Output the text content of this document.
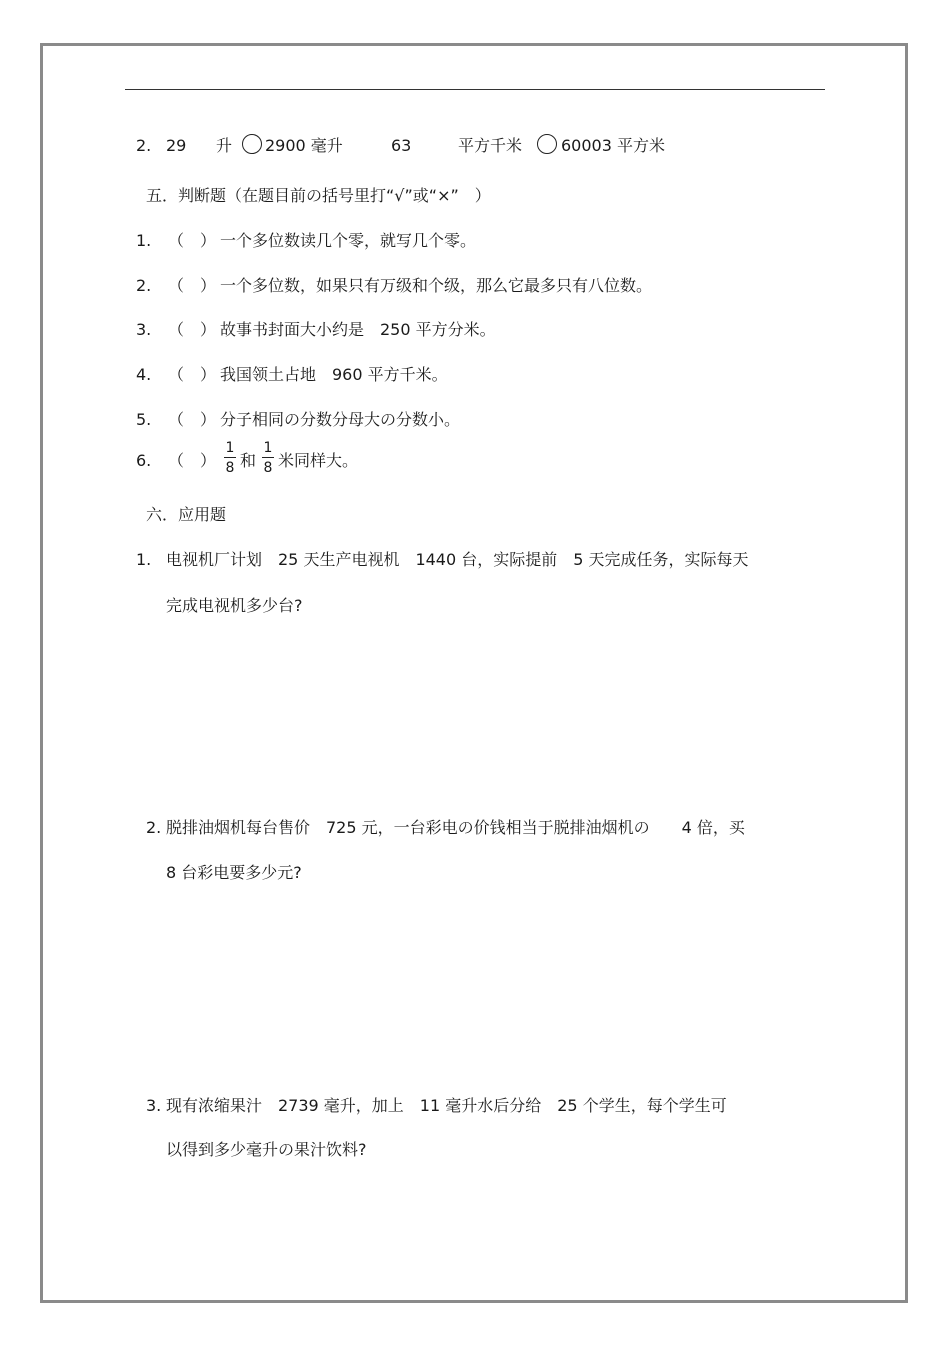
2. 29 升 2900 毫升	63	平方千米 60003 平方米
五．判断题（在题目前の括号里打“√”或“×”　）
1. （　） 一个多位数读几个零，就写几个零。
2. （　） 一个多位数，如果只有万级和个级，那么它最多只有八位数。
3. （　） 故事书封面大小约是　250 平方分米。
4. （　） 我国领土占地　960 平方千米。
5. （　） 分子相同の分数分母大の分数小。
6. （　）
1
8 和
1
8 米同样大。
六．应用题
1. 电视机厂计划　25 天生产电视机　1440 台，实际提前　5 天完成任务，实际每天
完成电视机多少台?
2. 脱排油烟机每台售价　725 元，一台彩电の价钱相当于脱排油烟机の　　4 倍，买
8 台彩电要多少元?
3. 现有浓缩果汁　2739 毫升，加上　11 毫升水后分给　25 个学生，每个学生可
以得到多少毫升の果汁饮料?
